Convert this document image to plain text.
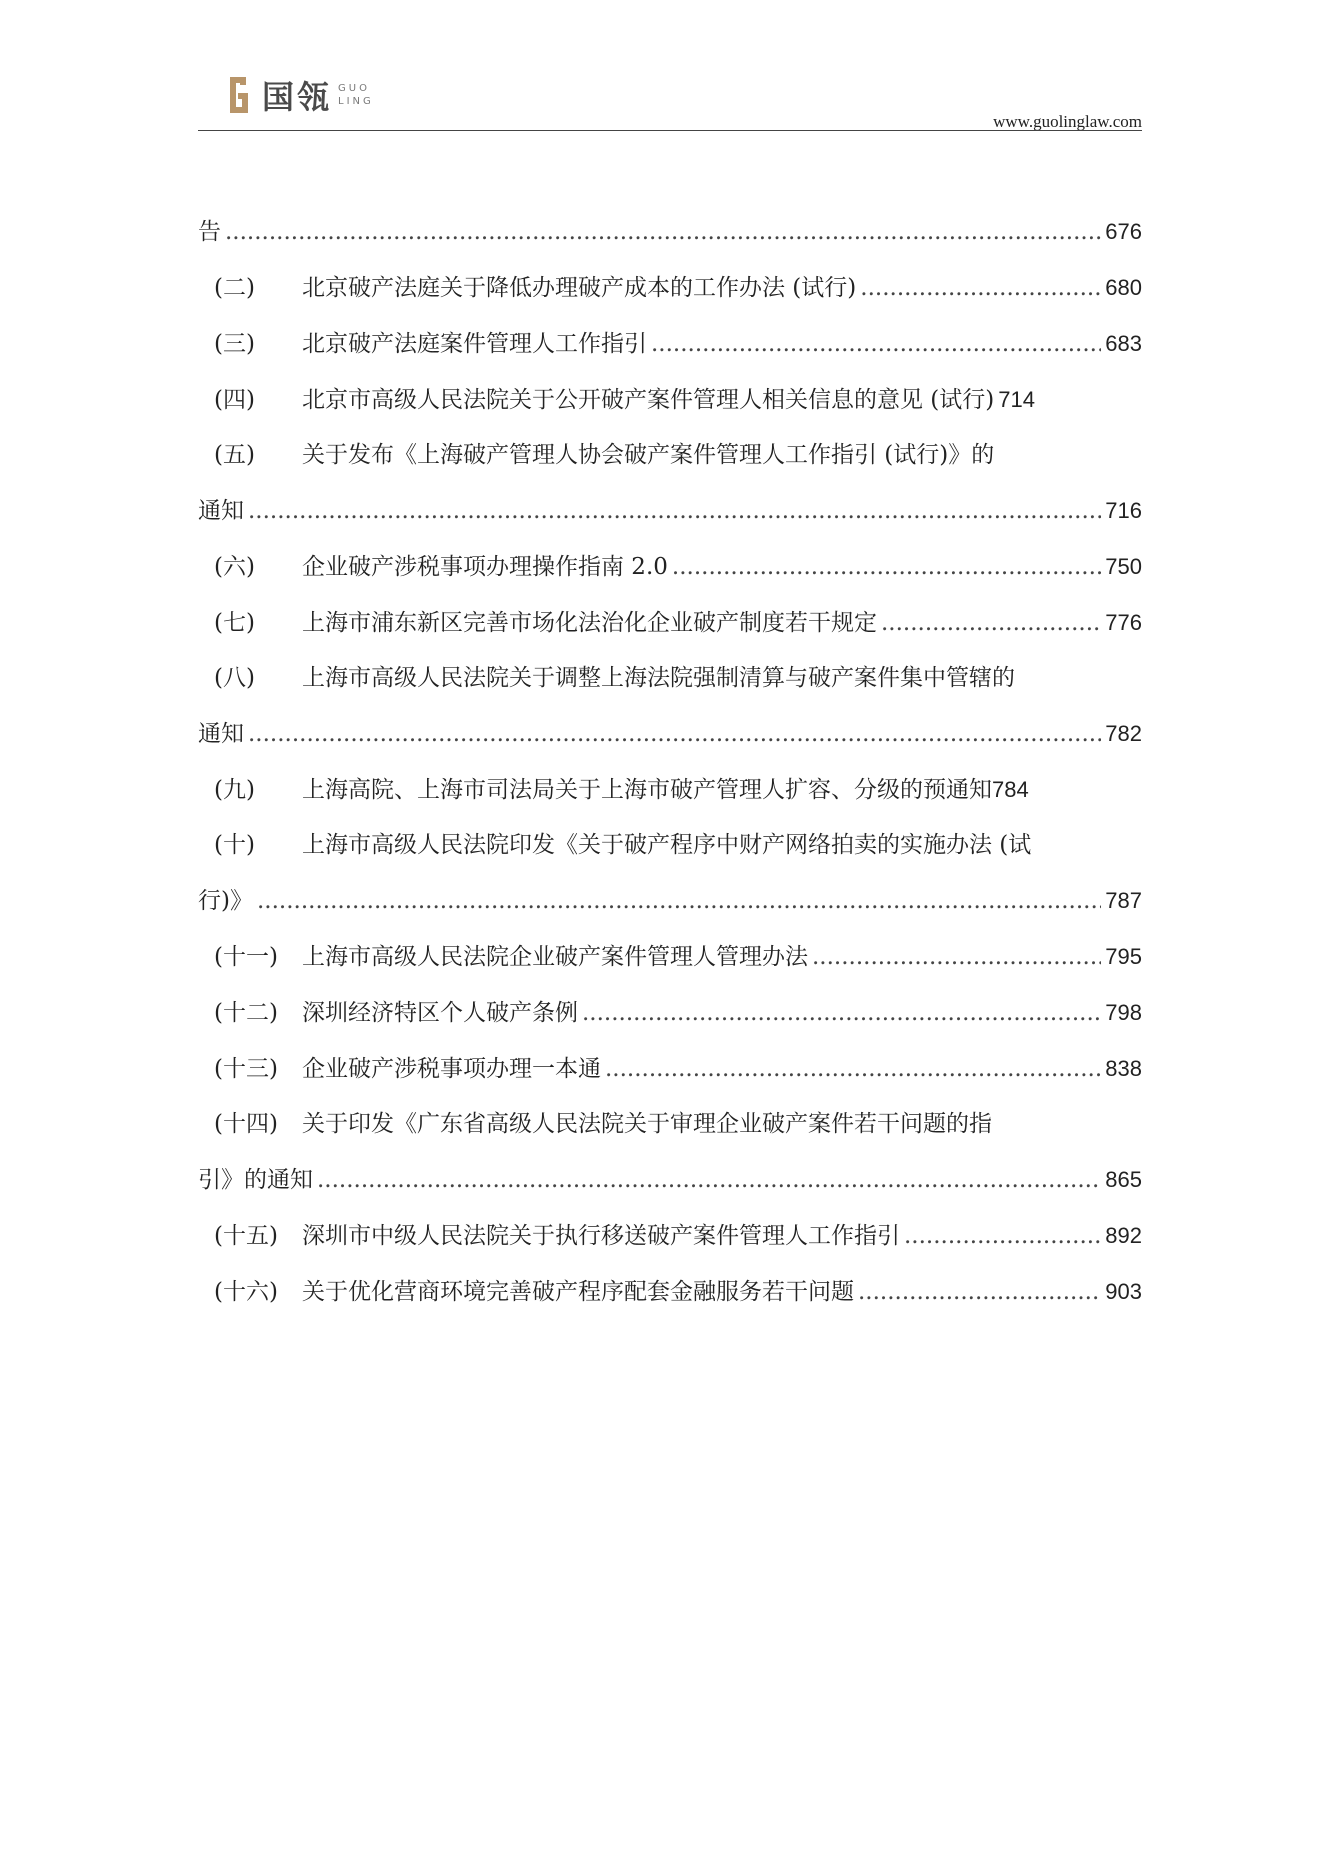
国瓴 GUO
LING
www.guolinglaw.com
告 .....	676
(二) 北京破产法庭关于降低办理破产成本的工作办法 (试行) .....	680
(三) 北京破产法庭案件管理人工作指引 .....	683
(四) 北京市高级人民法院关于公开破产案件管理人相关信息的意见 (试行) 714
(五) 关于发布《上海破产管理人协会破产案件管理人工作指引 (试行)》的
通知 .....	716
(六) 企业破产涉税事项办理操作指南 2.0 .....	750
(七) 上海市浦东新区完善市场化法治化企业破产制度若干规定 .....	776
(八) 上海市高级人民法院关于调整上海法院强制清算与破产案件集中管辖的
通知 .....	782
(九) 上海高院、上海市司法局关于上海市破产管理人扩容、分级的预通知 784
(十) 上海市高级人民法院印发《关于破产程序中财产网络拍卖的实施办法 (试
行)》 .....	787
(十一) 上海市高级人民法院企业破产案件管理人管理办法 .....	795
(十二) 深圳经济特区个人破产条例 .....	798
(十三) 企业破产涉税事项办理一本通 .....	838
(十四) 关于印发《广东省高级人民法院关于审理企业破产案件若干问题的指
引》的通知 .....	865
(十五) 深圳市中级人民法院关于执行移送破产案件管理人工作指引 .....	892
(十六) 关于优化营商环境完善破产程序配套金融服务若干问题 .....	903
